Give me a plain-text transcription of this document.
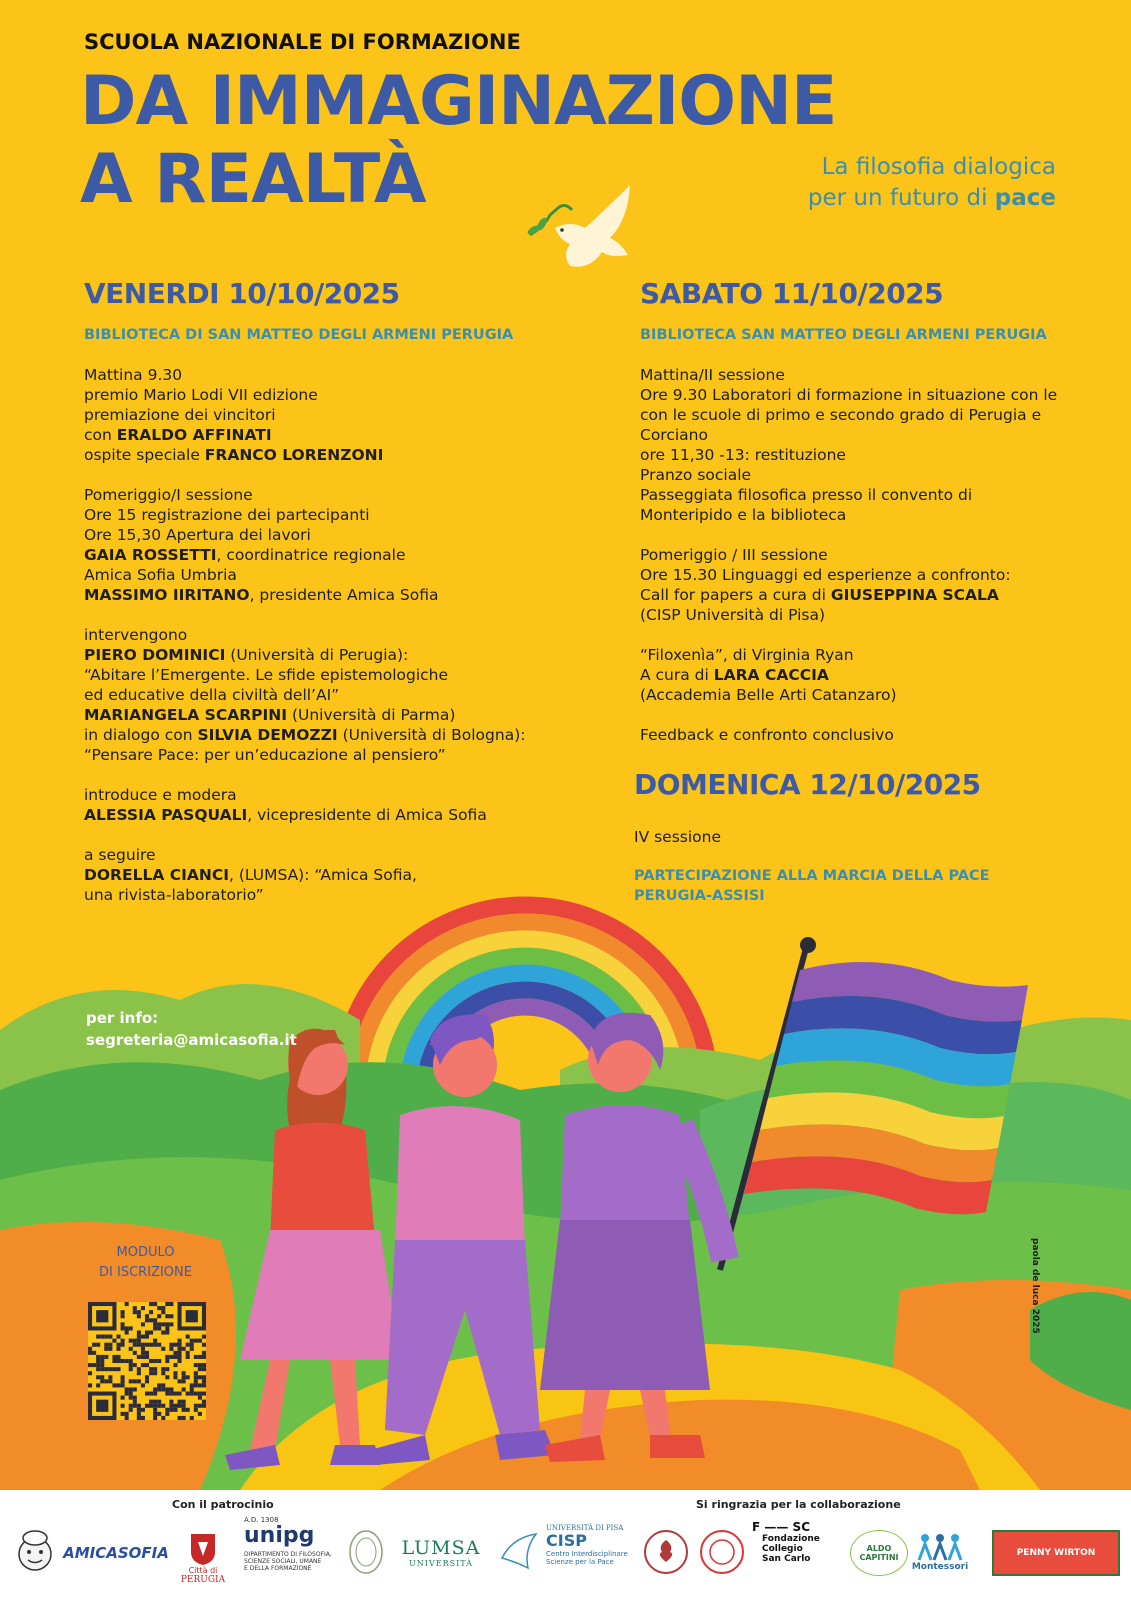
SCUOLA NAZIONALE DI FORMAZIONE
DA IMMAGINAZIONE
A REALTÀ	La filosofia dialogica
per un futuro di pace
VENERDI 10/10/2025
BIBLIOTECA DI SAN MATTEO DEGLI ARMENI PERUGIA
Mattina 9.30
premio Mario Lodi VII edizione
premiazione dei vincitori
con ERALDO AFFINATI
ospite speciale FRANCO LORENZONI
Pomeriggio/I sessione
Ore 15 registrazione dei partecipanti
Ore 15,30 Apertura dei lavori
GAIA ROSSETTI, coordinatrice regionale
Amica Sofia Umbria
MASSIMO IIRITANO, presidente Amica Sofia
intervengono
PIERO DOMINICI (Università di Perugia):
“Abitare l’Emergente. Le sfide epistemologiche
ed educative della civiltà dell’AI”
MARIANGELA SCARPINI (Università di Parma)
in dialogo con SILVIA DEMOZZI (Università di Bologna):
“Pensare Pace: per un’educazione al pensiero”
introduce e modera
ALESSIA PASQUALI, vicepresidente di Amica Sofia
a seguire
DORELLA CIANCI, (LUMSA): “Amica Sofia,
una rivista-laboratorio”
SABATO 11/10/2025
BIBLIOTECA SAN MATTEO DEGLI ARMENI PERUGIA
Mattina/II sessione
Ore 9.30 Laboratori di formazione in situazione con le
con le scuole di primo e secondo grado di Perugia e
Corciano
ore 11,30 -13: restituzione
Pranzo sociale
Passeggiata filosofica presso il convento di
Monteripido e la biblioteca
Pomeriggio / III sessione
Ore 15.30 Linguaggi ed esperienze a confronto:
Call for papers a cura di GIUSEPPINA SCALA
(CISP Università di Pisa)
“Filoxenìa”, di Virginia Ryan
A cura di LARA CACCIA
(Accademia Belle Arti Catanzaro)
Feedback e confronto conclusivo
DOMENICA 12/10/2025
IV sessione
PARTECIPAZIONE ALLA MARCIA DELLA PACE
PERUGIA-ASSISI
per info:
segreteria@amicasofia.it
MODULO
DI ISCRIZIONE	paola de luca 2025
Con il patrocinio	Si ringrazia per la collaborazione
AMICASOFIA
Città di
PERUGIA
A.D. 1308
unipg
DIPARTIMENTO DI FILOSOFIA,
SCIENZE SOCIALI, UMANE
E DELLA FORMAZIONE
LUMSA
UNIVERSITÀ
UNIVERSITÀ DI PISA
CISP
Centro Interdisciplinare
Scienze per la Pace
F —— SC
Fondazione
Collegio
San Carlo
ALDO CAPITINI
Montessori
PENNY WIRTON
